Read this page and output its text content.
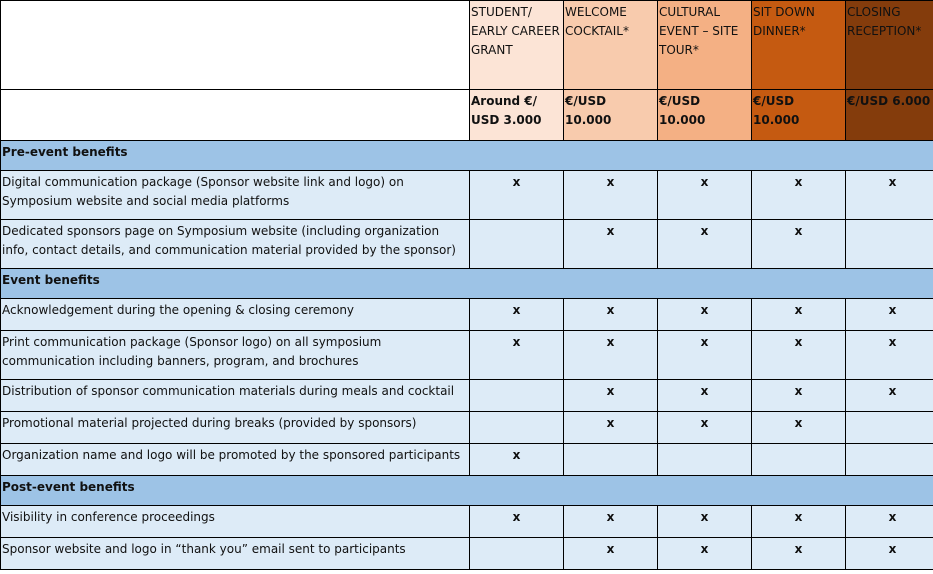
	STUDENT/ EARLY CAREER GRANT	WELCOME COCKTAIL*	CULTURAL EVENT – SITE TOUR*	SIT DOWN DINNER*	CLOSING RECEPTION*
	Around €/ USD 3.000	€/USD 10.000	€/USD 10.000	€/USD 10.000	€/USD 6.000
Pre-event benefits					
Digital communication package (Sponsor website link and logo) on Symposium website and social media platforms	x	x	x	x	x
Dedicated sponsors page on Symposium website (including organization info, contact details, and communication material provided by the sponsor)		x	x	x	
Event benefits					
Acknowledgement during the opening & closing ceremony	x	x	x	x	x
Print communication package (Sponsor logo) on all symposium communication including banners, program, and brochures	x	x	x	x	x
Distribution of sponsor communication materials during meals and cocktail		x	x	x	x
Promotional material projected during breaks (provided by sponsors)		x	x	x	
Organization name and logo will be promoted by the sponsored participants	x				
Post-event benefits					
Visibility in conference proceedings	x	x	x	x	x
Sponsor website and logo in “thank you” email sent to participants		x	x	x	x
